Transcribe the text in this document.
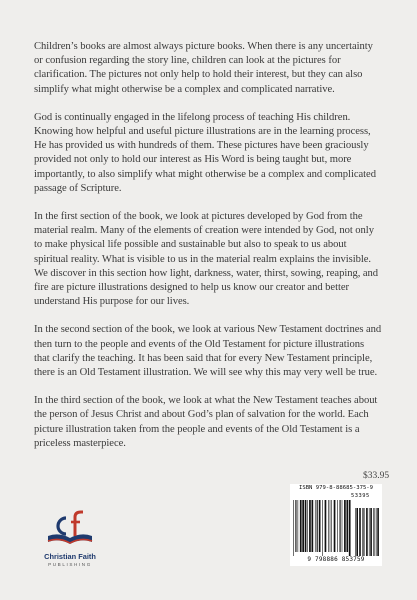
Children’s books are almost always picture books. When there is any uncertainty or confusion regarding the story line, children can look at the pictures for clarification. The pictures not only help to hold their interest, but they can also simplify what might otherwise be a complex and complicated narrative.

God is continually engaged in the lifelong process of teaching His children. Knowing how helpful and useful picture illustrations are in the learning process, He has provided us with hundreds of them. These pictures have been graciously provided not only to hold our interest as His Word is being taught but, more importantly, to also simplify what might otherwise be a complex and complicated passage of Scripture.

In the first section of the book, we look at pictures developed by God from the material realm. Many of the elements of creation were intended by God, not only to make physical life possible and sustainable but also to speak to us about spiritual reality. What is visible to us in the material realm explains the invisible. We discover in this section how light, darkness, water, thirst, sowing, reaping, and fire are picture illustrations designed to help us know our creator and better understand His purpose for our lives.

In the second section of the book, we look at various New Testament doctrines and then turn to the people and events of the Old Testament for picture illustrations that clarify the teaching. It has been said that for every New Testament principle, there is an Old Testament illustration. We will see why this may very well be true.

In the third section of the book, we look at what the New Testament teaches about the person of Jesus Christ and about God’s plan of salvation for the world. Each picture illustration taken from the people and events of the Old Testament is a priceless masterpiece.

$33.95
Christian Faith
PUBLISHING
ISBN 979-8-88685-375-9
53395
9 798886 853759
